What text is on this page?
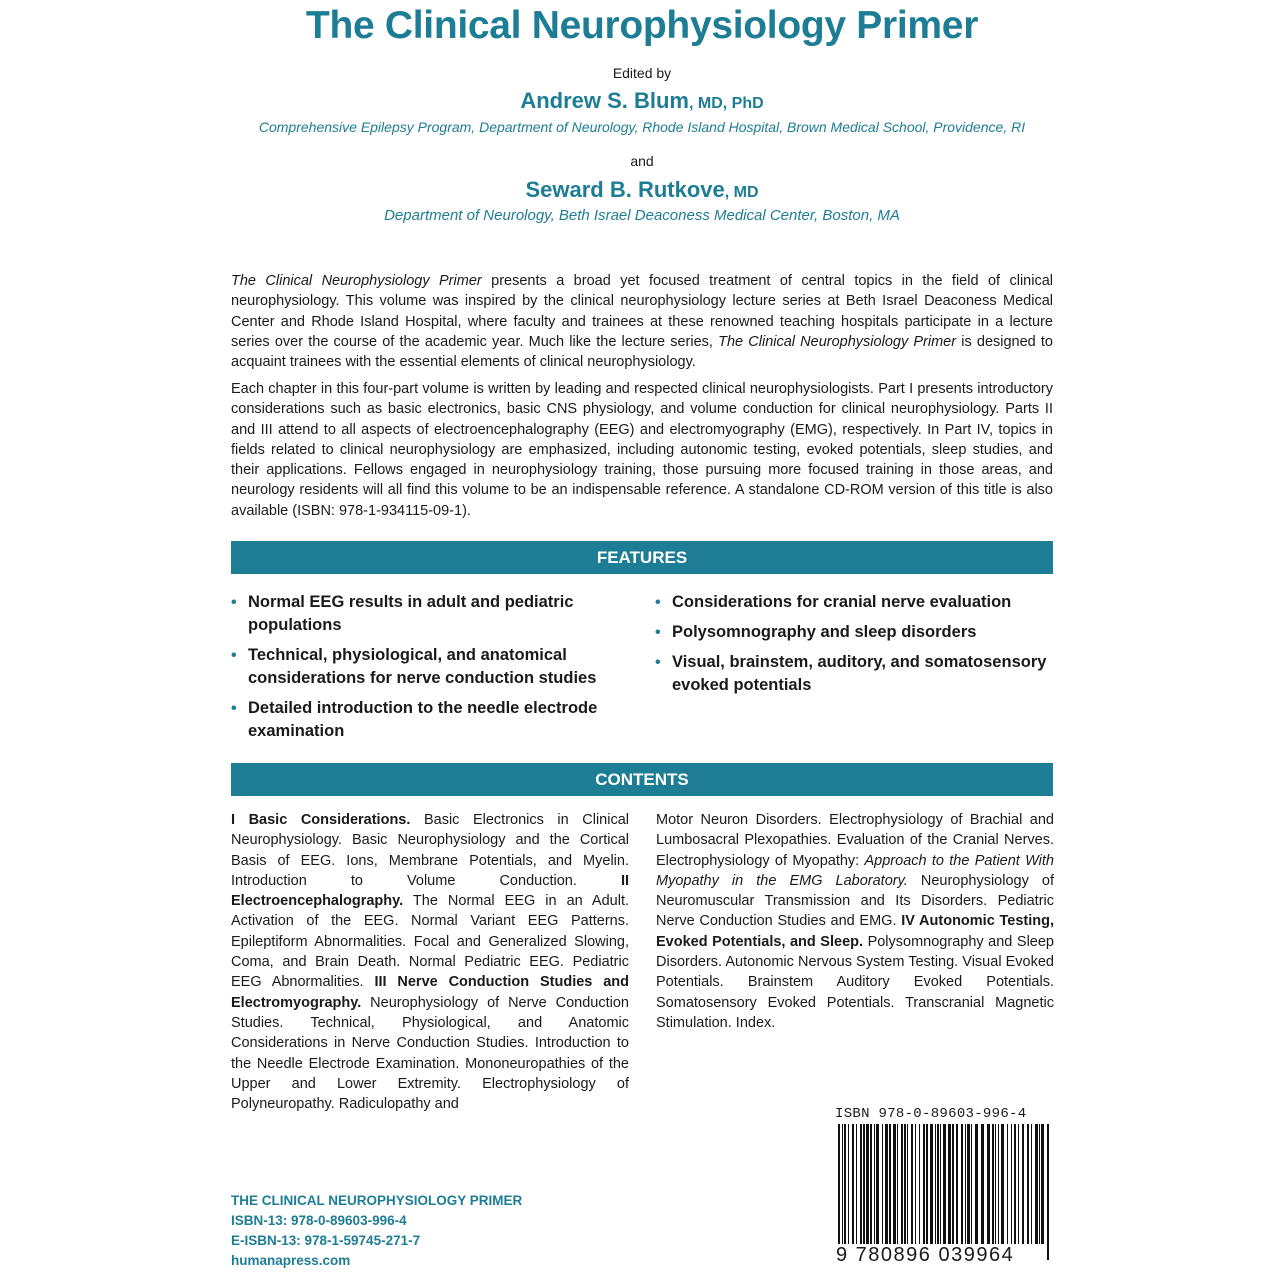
The Clinical Neurophysiology Primer
Edited by
Andrew S. Blum, MD, PhD
Comprehensive Epilepsy Program, Department of Neurology, Rhode Island Hospital, Brown Medical School, Providence, RI
and
Seward B. Rutkove, MD
Department of Neurology, Beth Israel Deaconess Medical Center, Boston, MA

The Clinical Neurophysiology Primer presents a broad yet focused treatment of central topics in the field of clinical neurophysiology. This volume was inspired by the clinical neurophysiology lecture series at Beth Israel Deaconess Medical Center and Rhode Island Hospital, where faculty and trainees at these renowned teaching hospitals participate in a lecture series over the course of the academic year. Much like the lecture series, The Clinical Neurophysiology Primer is designed to acquaint trainees with the essential elements of clinical neurophysiology.

Each chapter in this four-part volume is written by leading and respected clinical neurophysiologists. Part I presents introductory considerations such as basic electronics, basic CNS physiology, and volume conduction for clinical neurophysiology. Parts II and III attend to all aspects of electroencephalography (EEG) and electromyography (EMG), respectively. In Part IV, topics in fields related to clinical neurophysiology are emphasized, including autonomic testing, evoked potentials, sleep studies, and their applications. Fellows engaged in neurophysiology training, those pursuing more focused training in those areas, and neurology residents will all find this volume to be an indispensable reference. A standalone CD-ROM version of this title is also available (ISBN: 978-1-934115-09-1).

FEATURES
• Normal EEG results in adult and pediatric populations
• Technical, physiological, and anatomical considerations for nerve conduction studies
• Detailed introduction to the needle electrode examination
• Considerations for cranial nerve evaluation
• Polysomnography and sleep disorders
• Visual, brainstem, auditory, and somatosensory evoked potentials
CONTENTS

I Basic Considerations. Basic Electronics in Clinical Neurophysiology. Basic Neurophysiology and the Cortical Basis of EEG. Ions, Membrane Potentials, and Myelin. Introduction to Volume Conduction. II Electroencephalography. The Normal EEG in an Adult. Activation of the EEG. Normal Variant EEG Patterns. Epileptiform Abnormalities. Focal and Generalized Slowing, Coma, and Brain Death. Normal Pediatric EEG. Pediatric EEG Abnormalities. III Nerve Conduction Studies and Electromyography. Neurophysiology of Nerve Conduction Studies. Technical, Physiological, and Anatomic Considerations in Nerve Conduction Studies. Introduction to the Needle Electrode Examination. Mononeuropathies of the Upper and Lower Extremity. Electrophysiology of Polyneuropathy. Radiculopathy and

Motor Neuron Disorders. Electrophysiology of Brachial and Lumbosacral Plexopathies. Evaluation of the Cranial Nerves. Electrophysiology of Myopathy: Approach to the Patient With Myopathy in the EMG Laboratory. Neurophysiology of Neuromuscular Transmission and Its Disorders. Pediatric Nerve Conduction Studies and EMG. IV Autonomic Testing, Evoked Potentials, and Sleep. Polysomnography and Sleep Disorders. Autonomic Nervous System Testing. Visual Evoked Potentials. Brainstem Auditory Evoked Potentials. Somatosensory Evoked Potentials. Transcranial Magnetic Stimulation. Index.

THE CLINICAL NEUROPHYSIOLOGY PRIMER
ISBN-13: 978-0-89603-996-4
E-ISBN-13: 978-1-59745-271-7
humanapress.com
ISBN 978-0-89603-996-4
9 780896 039964
